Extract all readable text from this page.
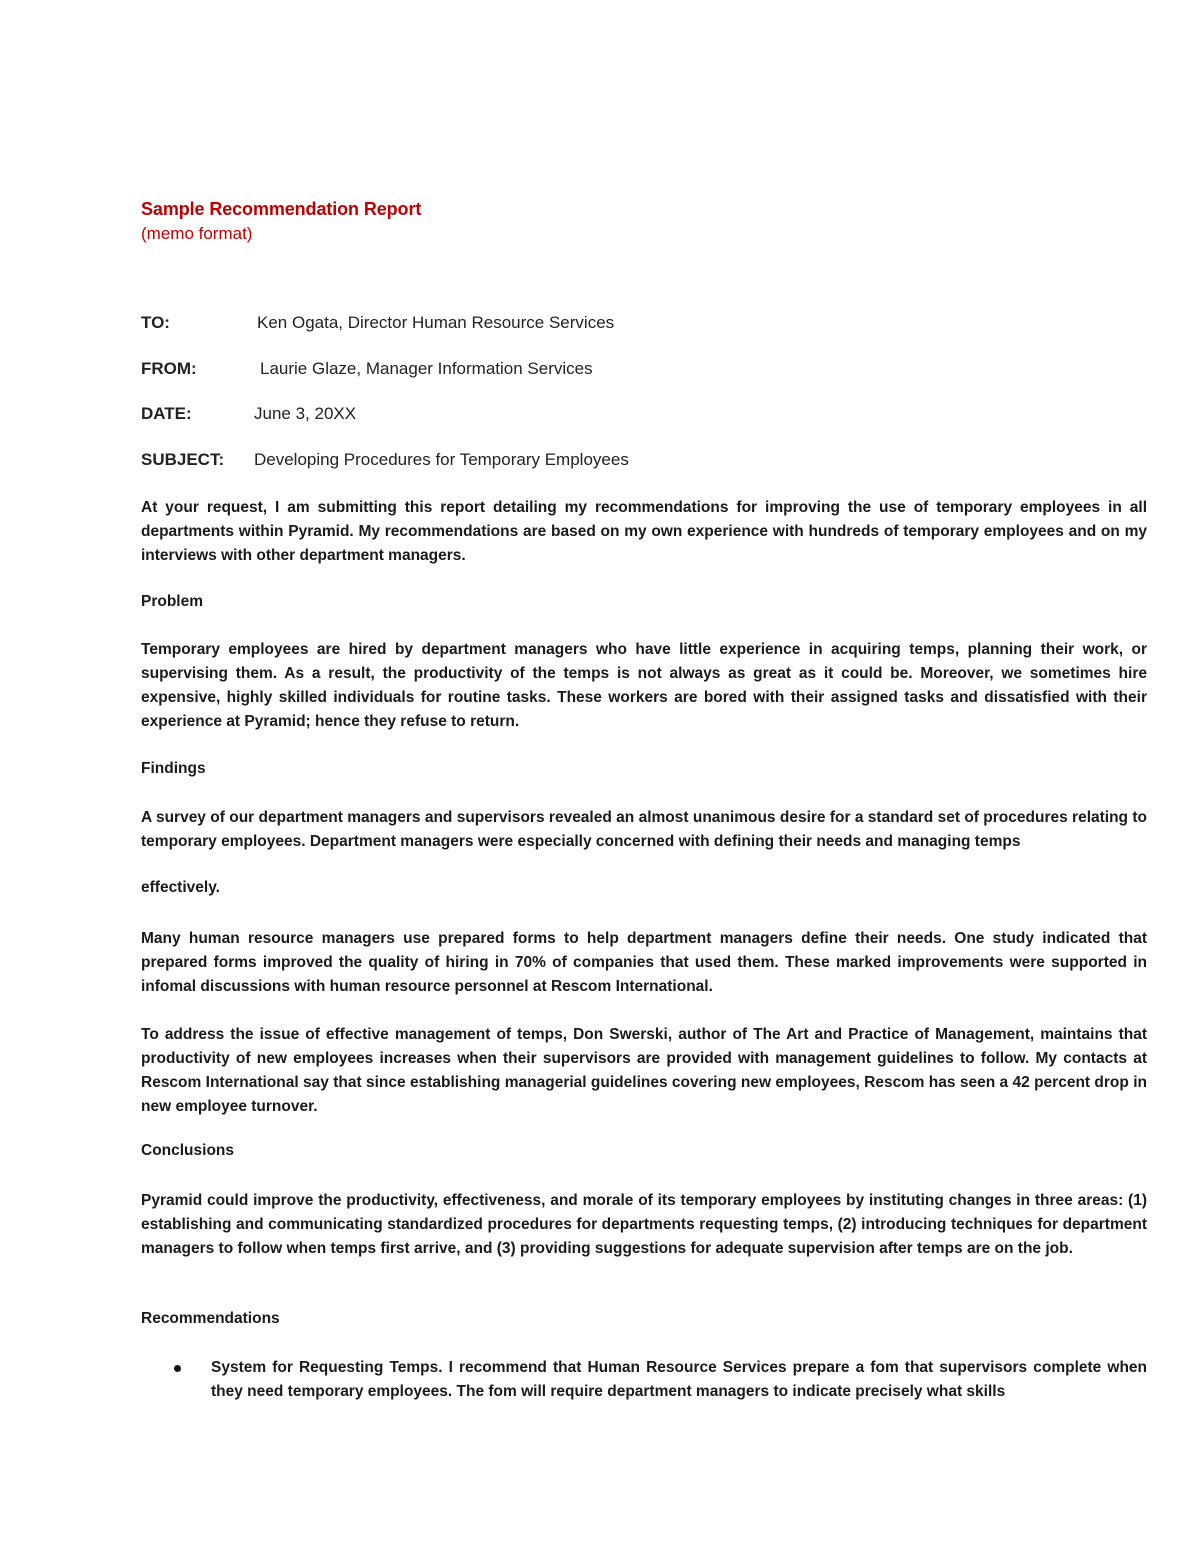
Sample Recommendation Report
(memo format)
TO:	Ken Ogata, Director Human Resource Services
FROM:	Laurie Glaze, Manager Information Services
DATE:	June 3, 20XX
SUBJECT: Developing Procedures for Temporary Employees
At your request, I am submitting this report detailing my recommendations for improving the use of temporary employees in all departments within Pyramid. My recommendations are based on my own experience with hundreds of temporary employees and on my interviews with other department managers.
Problem
Temporary employees are hired by department managers who have little experience in acquiring temps, planning their work, or supervising them. As a result, the productivity of the temps is not always as great as it could be. Moreover, we sometimes hire expensive, highly skilled individuals for routine tasks. These workers are bored with their assigned tasks and dissatisfied with their experience at Pyramid; hence they refuse to return.
Findings
A survey of our department managers and supervisors revealed an almost unanimous desire for a standard set of procedures relating to temporary employees. Department managers were especially concerned with defining their needs and managing temps
effectively.
Many human resource managers use prepared forms to help department managers define their needs. One study indicated that prepared forms improved the quality of hiring in 70% of companies that used them. These marked improvements were supported in infomal discussions with human resource personnel at Rescom International.
To address the issue of effective management of temps, Don Swerski, author of The Art and Practice of Management, maintains that productivity of new employees increases when their supervisors are provided with management guidelines to follow. My contacts at Rescom International say that since establishing managerial guidelines covering new employees, Rescom has seen a 42 percent drop in new employee turnover.
Conclusions
Pyramid could improve the productivity, effectiveness, and morale of its temporary employees by instituting changes in three areas: (1) establishing and communicating standardized procedures for departments requesting temps, (2) introducing techniques for department managers to follow when temps first arrive, and (3) providing suggestions for adequate supervision after temps are on the job.
Recommendations
System for Requesting Temps. I recommend that Human Resource Services prepare a fom that supervisors complete when they need temporary employees. The fom will require department managers to indicate precisely what skills
